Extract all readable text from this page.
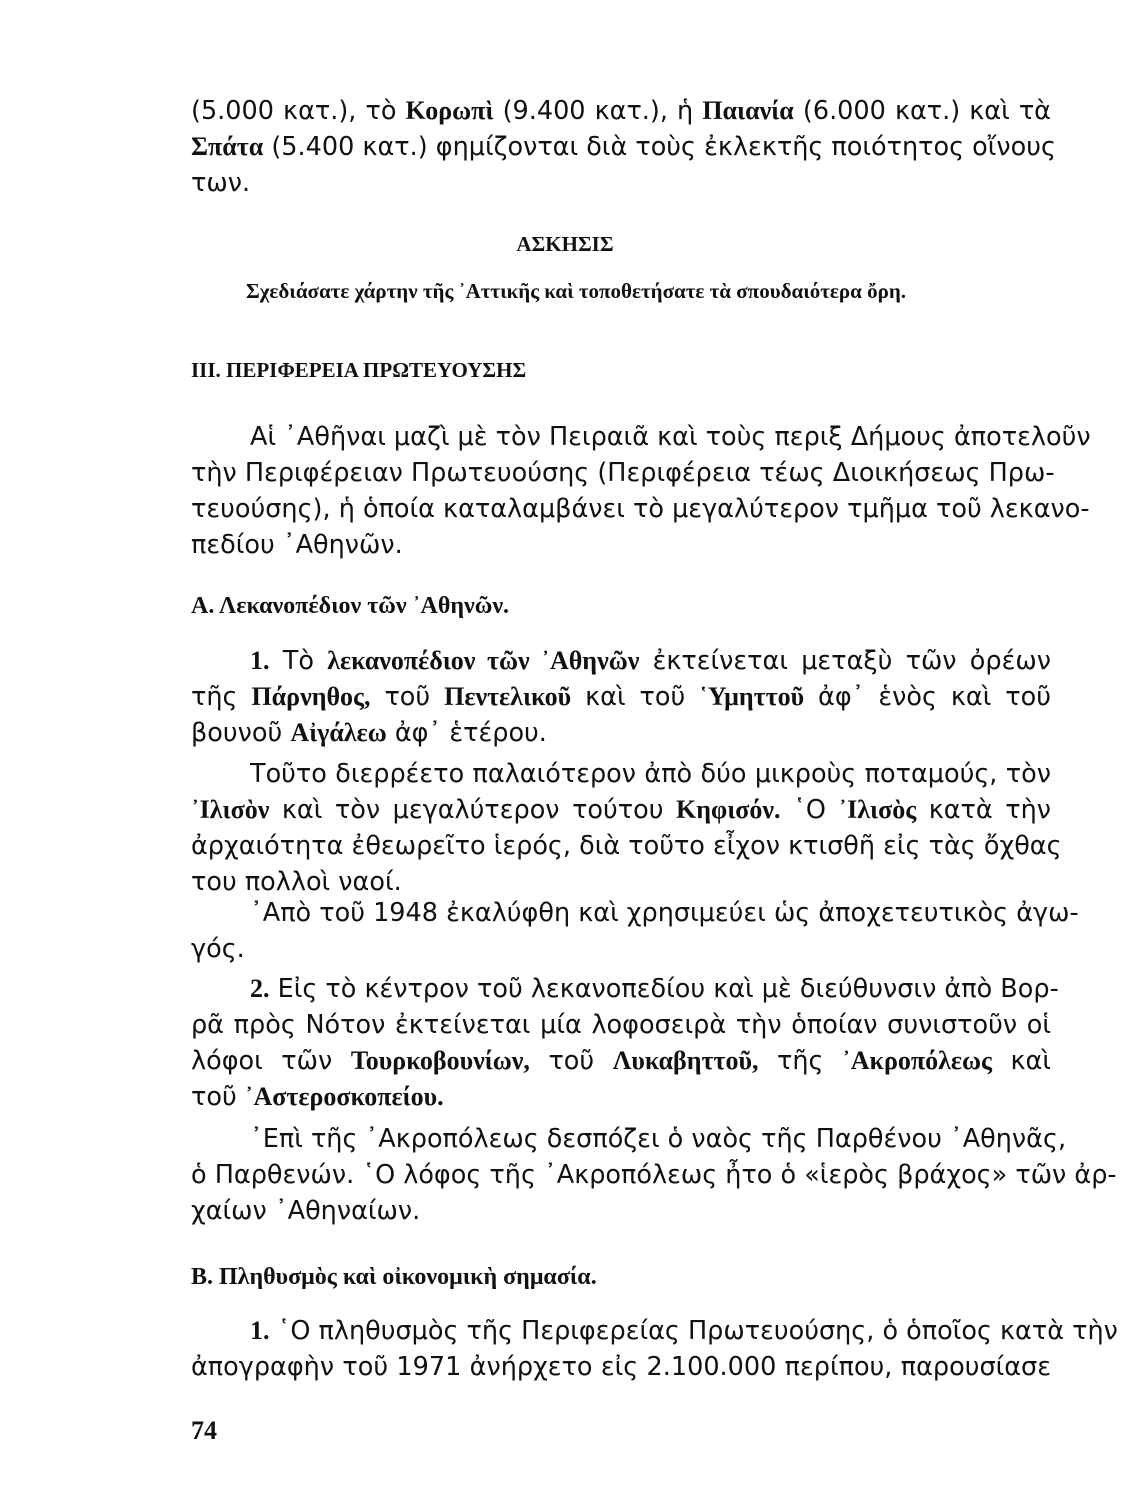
(5.000 κατ.), τὸ Κορωπὶ (9.400 κατ.), ἡ Παιανία (6.000 κατ.) καὶ τὰ
Σπάτα (5.400 κατ.) φημίζονται διὰ τοὺς ἐκλεκτῆς ποιότητος οἴνους
των.
ΑΣΚΗΣΙΣ
Σχεδιάσατε χάρτην τῆς ᾿Αττικῆς καὶ τοποθετήσατε τὰ σπουδαιότερα ὄρη.
ΙΙΙ. ΠΕΡΙΦΕΡΕΙΑ ΠΡΩΤΕΥΟΥΣΗΣ
Αἱ ᾿Αθῆναι μαζὶ μὲ τὸν Πειραιᾶ καὶ τοὺς περιξ Δήμους ἀποτελοῦν
τὴν Περιφέρειαν Πρωτευούσης (Περιφέρεια τέως Διοικήσεως Πρω-
τευούσης), ἡ ὁποία καταλαμβάνει τὸ μεγαλύτερον τμῆμα τοῦ λεκανο-
πεδίου ᾿Αθηνῶν.
Α. Λεκανοπέδιον τῶν ᾿Αθηνῶν.
1. Τὸ λεκανοπέδιον τῶν ᾿Αθηνῶν ἐκτείνεται μεταξὺ τῶν ὀρέων
τῆς Πάρνηθος, τοῦ Πεντελικοῦ καὶ τοῦ ῾Υμηττοῦ ἀφ᾿ ἑνὸς καὶ τοῦ
βουνοῦ Αἰγάλεω ἀφ᾿ ἑτέρου.
Τοῦτο διερρέετο παλαιότερον ἀπὸ δύο μικροὺς ποταμούς, τὸν
᾿Ιλισὸν καὶ τὸν μεγαλύτερον τούτου Κηφισόν. ῾Ο ᾿Ιλισὸς κατὰ τὴν
ἀρχαιότητα ἐθεωρεῖτο ἱερός, διὰ τοῦτο εἶχον κτισθῆ εἰς τὰς ὄχθας
του πολλοὶ ναοί.
᾿Απὸ τοῦ 1948 ἐκαλύφθη καὶ χρησιμεύει ὡς ἀποχετευτικὸς ἀγω-
γός.
2. Εἰς τὸ κέντρον τοῦ λεκανοπεδίου καὶ μὲ διεύθυνσιν ἀπὸ Βορ-
ρᾶ πρὸς Νότον ἐκτείνεται μία λοφοσειρὰ τὴν ὁποίαν συνιστοῦν οἱ
λόφοι τῶν Τουρκοβουνίων, τοῦ Λυκαβηττοῦ, τῆς ᾿Ακροπόλεως καὶ
τοῦ ᾿Αστεροσκοπείου.
᾿Επὶ τῆς ᾿Ακροπόλεως δεσπόζει ὁ ναὸς τῆς Παρθένου ᾿Αθηνᾶς,
ὁ Παρθενών. ῾Ο λόφος τῆς ᾿Ακροπόλεως ἦτο ὁ «ἱερὸς βράχος» τῶν ἀρ-
χαίων ᾿Αθηναίων.
Β. Πληθυσμὸς καὶ οἰκονομικὴ σημασία.
1. ῾Ο πληθυσμὸς τῆς Περιφερείας Πρωτευούσης, ὁ ὁποῖος κατὰ τὴν
ἀπογραφὴν τοῦ 1971 ἀνήρχετο εἰς 2.100.000 περίπου, παρουσίασε
74
